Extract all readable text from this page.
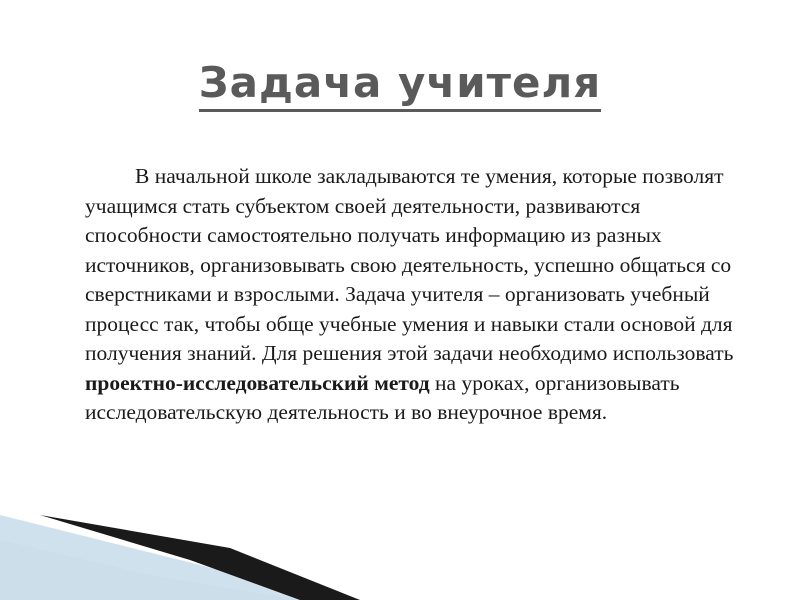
Задача учителя

В начальной школе закладываются те умения, которые позволят учащимся стать субъектом своей деятельности, развиваются способности самостоятельно получать информацию из разных источников, организовывать свою деятельность, успешно общаться со сверстниками и взрослыми. Задача учителя – организовать учебный процесс так, чтобы обще учебные умения и навыки стали основой для получения знаний. Для решения этой задачи необходимо использовать проектно-исследовательский метод на уроках, организовывать исследовательскую деятельность и во внеурочное время.
